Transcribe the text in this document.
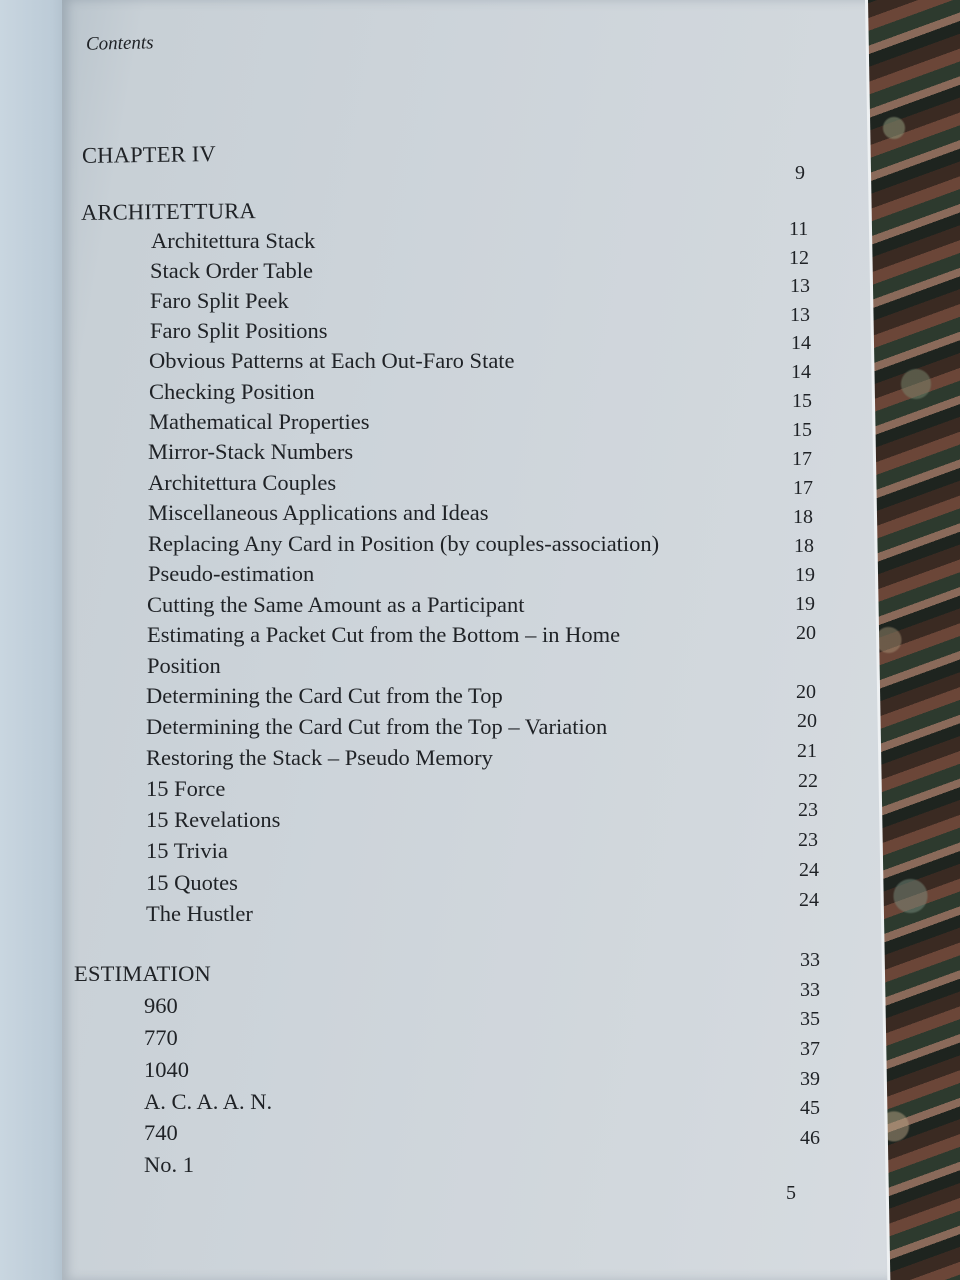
Contents
CHAPTER IV
ARCHITETTURA
Architettura Stack
Stack Order Table
Faro Split Peek
Faro Split Positions
Obvious Patterns at Each Out-Faro State
Checking Position
Mathematical Properties
Mirror-Stack Numbers
Architettura Couples
Miscellaneous Applications and Ideas
Replacing Any Card in Position (by couples-association)
Pseudo-estimation
Cutting the Same Amount as a Participant
Estimating a Packet Cut from the Bottom – in Home
Position
Determining the Card Cut from the Top
Determining the Card Cut from the Top – Variation
Restoring the Stack – Pseudo Memory
15 Force
15 Revelations
15 Trivia
15 Quotes
The Hustler
ESTIMATION
960
770
1040
A. C. A. A. N.
740
No. 1
9
11
12
13
13
14
14
15
15
17
17
18
18
19
19
20
20
20
21
22
23
23
24
24
33
33
35
37
39
45
46
5
